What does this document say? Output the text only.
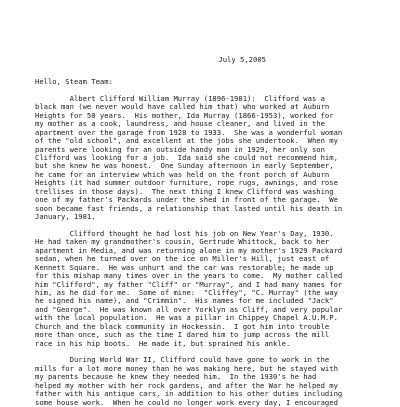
July 5,2005
Hello, Steam Team:
Albert Clifford William Murray (1896-1981):  Clifford was a
black man (we never would have called him that) who worked at Auburn
Heights for 50 years.  His mother, Ida Murray (1866-1953), worked for
my mother as a cook, laundress, and house cleaner, and lived in the
apartment over the garage from 1928 to 1933.  She was a wonderful woman
of the "old school", and excellent at the jobs she undertook.  When my
parents were looking for an outside handy man in 1929, her only son
Clifford was looking for a job.  Ida said she could not recommend him,
but she knew he was honest.  One Sunday afternoon in early September,
he came for an interview which was held on the front porch of Auburn
Heights (it had summer outdoor furniture, rope rugs, awnings, and rose
trellises in those days).  The next thing I knew Clifford was washing
one of my father's Packards under the shed in front of the garage.  We
soon became fast friends, a relationship that lasted until his death in
January, 1981.
Clifford thought he had lost his job on New Year's Day, 1930.
He had taken my grandmother's cousin, Gertrude Whittock, back to her
apartment in Media, and was returning alone in my mother's 1929 Packard
sedan, when he turned over on the ice on Miller's Hill, just east of
Kennett Square.  He was unhurt and the car was restorable; he made up
for this mishap many times over in the years to come.  My mother called
him "Clifford", my father "Cliff" or "Murray", and I had many names for
him, as he did for me.  Some of mine:  "Cliffey", "C. Murray" (the way
he signed his name), and "Crimmin".  His names for me included "Jack"
and "George".  He was known all over Yorklyn as Cliff, and very popular
with the local population.  He was a pillar in Chippey Chapel A.U.M.P.
Church and the black community in Hockessin.  I got him into trouble
more than once, such as the time I dared him to jump across the mill
race in his hip boots.  He made it, but sprained his ankle.
During World War II, Clifford could have gone to work in the
mills for a lot more money than he was making here, but he stayed with
my parents because he knew they needed him.  In the 1930's he had
helped my mother with her rock gardens, and after the War he helped my
father with his antique cars, in addition to his other duties including
some house work.  When he could no longer work every day, I encouraged
